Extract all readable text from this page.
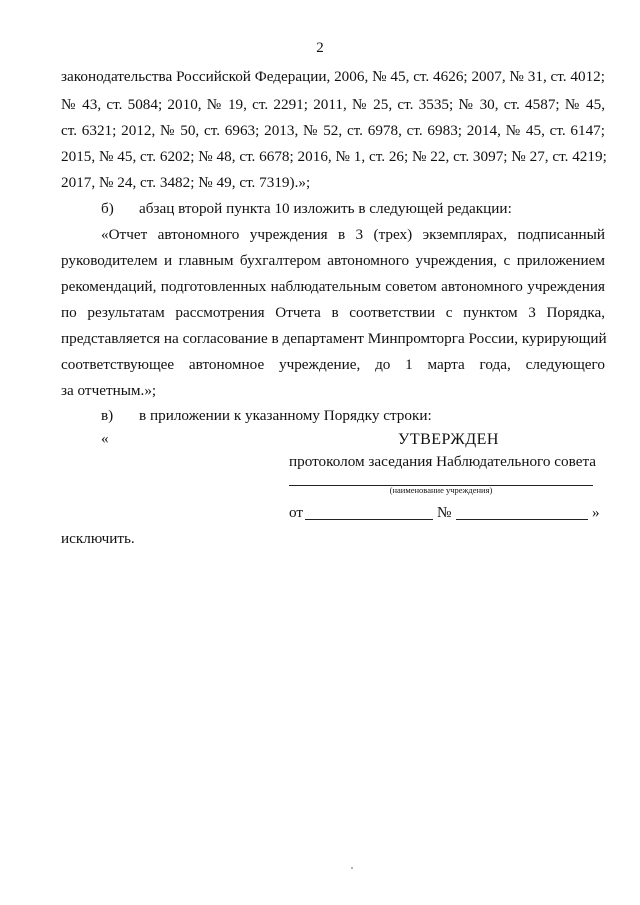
2
законодательства Российской Федерации, 2006, № 45, ст. 4626; 2007, № 31, ст. 4012;
№ 43, ст. 5084; 2010, № 19, ст. 2291; 2011, № 25, ст. 3535; № 30, ст. 4587; № 45,
ст. 6321; 2012, № 50, ст. 6963; 2013, № 52, ст. 6978, ст. 6983; 2014, № 45, ст. 6147;
2015, № 45, ст. 6202; № 48, ст. 6678; 2016, № 1, ст. 26; № 22, ст. 3097; № 27, ст. 4219;
2017, № 24, ст. 3482; № 49, ст. 7319).»;
б) абзац второй пункта 10 изложить в следующей редакции:
«Отчет автономного учреждения в 3 (трех) экземплярах, подписанный
руководителем и главным бухгалтером автономного учреждения, с приложением
рекомендаций, подготовленных наблюдательным советом автономного учреждения
по результатам рассмотрения Отчета в соответствии с пунктом 3 Порядка,
представляется на согласование в департамент Минпромторга России, курирующий
соответствующее автономное учреждение, до 1 марта года, следующего
за отчетным.»;
в) в приложении к указанному Порядку строки:
«	УТВЕРЖДЕН
протоколом заседания Наблюдательного совета
(наименование учреждения)
от	№	»
исключить.
